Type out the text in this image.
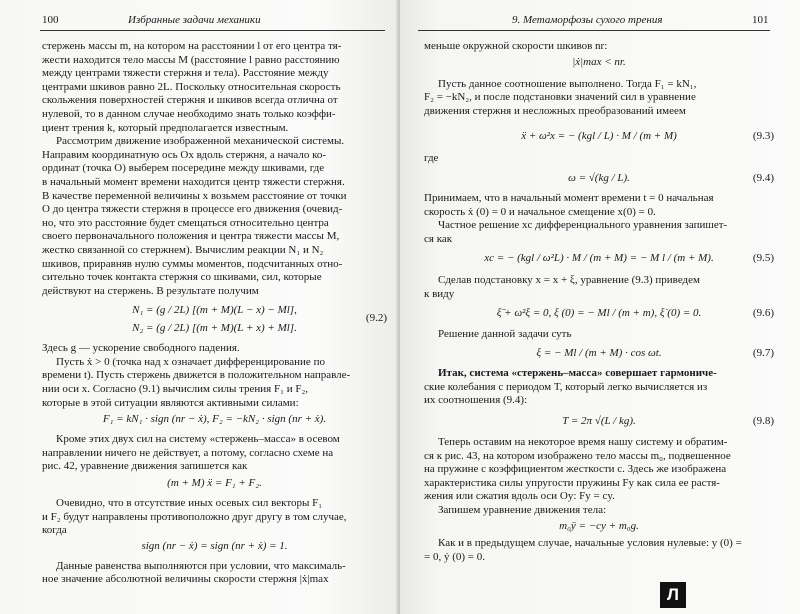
100	Избранные задачи механики
стержень массы m, на котором на расстоянии l от его центра тя-
жести находится тело массы M (расстояние l равно расстоянию
между центрами тяжести стержня и тела). Расстояние между
центрами шкивов равно 2L. Поскольку относительная скорость
скольжения поверхностей стержня и шкивов всегда отлична от
нулевой, то в данном случае необходимо знать только коэффи-
циент трения k, который предполагается известным.
Рассмотрим движение изображенной механической системы.
Направим координатную ось Ox вдоль стержня, а начало ко-
ординат (точка O) выберем посередине между шкивами, где
в начальный момент времени находится центр тяжести стержня.
В качестве переменной величины x возьмем расстояние от точки
O до центра тяжести стержня в процессе его движения (очевид-
но, что это расстояние будет смещаться относительно центра
своего первоначального положения и центра тяжести массы M,
жестко связанной со стержнем). Вычислим реакции N₁ и N₂
шкивов, приравняв нулю суммы моментов, подсчитанных отно-
сительно точек контакта стержня со шкивами, сил, которые
действуют на стержень. В результате получим
N₁ = (g / 2L) [(m + M)(L − x) − Ml],
N₂ = (g / 2L) [(m + M)(L + x) + Ml].
(9.2)
Здесь g — ускорение свободного падения.
Пусть ẋ > 0 (точка над x означает дифференцирование по
времени t). Пусть стержень движется в положительном направле-
нии оси x. Согласно (9.1) вычислим силы трения F₁ и F₂,
которые в этой ситуации являются активными силами:
F₁ = kN₁ · sign (nr − ẋ), F₂ = −kN₂ · sign (nr + ẋ).
Кроме этих двух сил на систему «стержень–масса» в осевом
направлении ничего не действует, а потому, согласно схеме на
рис. 42, уравнение движения запишется как
(m + M) ẍ = F₁ + F₂.
Очевидно, что в отсутствие иных осевых сил векторы F₁
и F₂ будут направлены противоположно друг другу в том случае,
когда
sign (nr − ẋ) = sign (nr + ẋ) = 1.
Данные равенства выполняются при условии, что максималь-
ное значение абсолютной величины скорости стержня |ẋ|max
9. Метаморфозы сухого трения	101
меньше окружной скорости шкивов nr:
|ẋ|max < nr.
Пусть данное соотношение выполнено. Тогда F₁ = kN₁,
F₂ = −kN₂, и после подстановки значений сил в уравнение
движения стержня и несложных преобразований имеем
ẍ + ω²x = − (kgl / L) · M / (m + M)	(9.3)
где
ω = √(kg / L).	(9.4)
Принимаем, что в начальный момент времени t = 0 начальная
скорость ẋ (0) = 0 и начальное смещение x(0) = 0.
Частное решение xc дифференциального уравнения запишет-
ся как
xc = − (kgl / ω²L) · M / (m + M) = − M l / (m + M).	(9.5)
Сделав подстановку x = x + ξ, уравнение (9.3) приведем
к виду
ξ̈ + ω²ξ = 0, ξ (0) = − Ml / (m + m), ξ̇ (0) = 0.	(9.6)
Решение данной задачи суть
ξ = − Ml / (m + M) · cos ωt.	(9.7)
Итак, система «стержень–масса» совершает гармониче-
ские колебания с периодом T, который легко вычисляется из
их соотношения (9.4):
T = 2π √(L / kg).	(9.8)
Теперь оставим на некоторое время нашу систему и обратим-
ся к рис. 43, на котором изображено тело массы m₀, подвешенное
на пружине с коэффициентом жесткости c. Здесь же изображена
характеристика силы упругости пружины Fy как сила ее растя-
жения или сжатия вдоль оси Oy: Fy = cy.
Запишем уравнение движения тела:
m₀ÿ = −cy + m₀g.
Как и в предыдущем случае, начальные условия нулевые: y (0) =
= 0, ẏ (0) = 0.
Л
